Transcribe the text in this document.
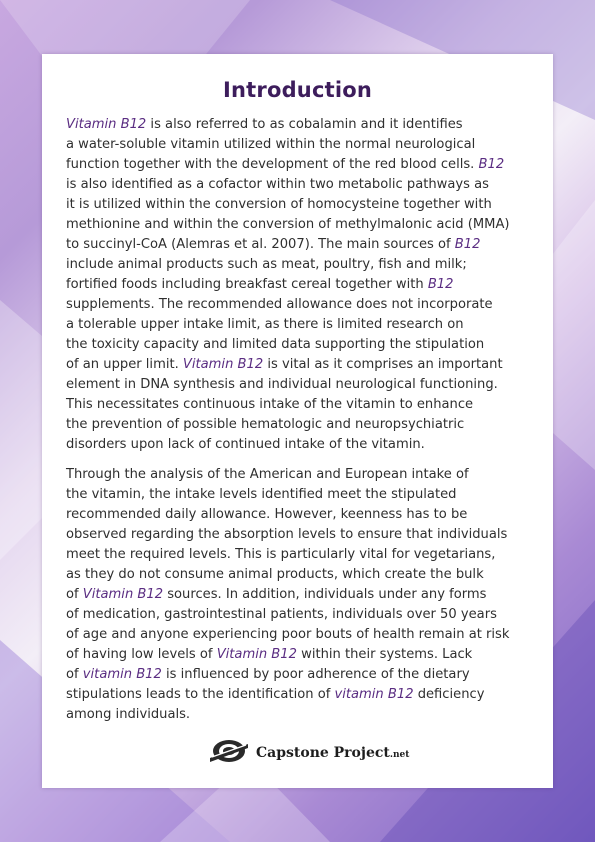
Introduction

Vitamin B12 is also referred to as cobalamin and it identifies
a water-soluble vitamin utilized within the normal neurological
function together with the development of the red blood cells. B12
is also identified as a cofactor within two metabolic pathways as
it is utilized within the conversion of homocysteine together with
methionine and within the conversion of methylmalonic acid (MMA)
to succinyl-CoA (Alemras et al. 2007). The main sources of B12
include animal products such as meat, poultry, fish and milk;
fortified foods including breakfast cereal together with B12
supplements. The recommended allowance does not incorporate
a tolerable upper intake limit, as there is limited research on
the toxicity capacity and limited data supporting the stipulation
of an upper limit. Vitamin B12 is vital as it comprises an important
element in DNA synthesis and individual neurological functioning.
This necessitates continuous intake of the vitamin to enhance
the prevention of possible hematologic and neuropsychiatric
disorders upon lack of continued intake of the vitamin.

Through the analysis of the American and European intake of
the vitamin, the intake levels identified meet the stipulated
recommended daily allowance. However, keenness has to be
observed regarding the absorption levels to ensure that individuals
meet the required levels. This is particularly vital for vegetarians,
as they do not consume animal products, which create the bulk
of Vitamin B12 sources. In addition, individuals under any forms
of medication, gastrointestinal patients, individuals over 50 years
of age and anyone experiencing poor bouts of health remain at risk
of having low levels of Vitamin B12 within their systems. Lack
of vitamin B12 is influenced by poor adherence of the dietary
stipulations leads to the identification of vitamin B12 deficiency
among individuals.

Capstone Project.net
